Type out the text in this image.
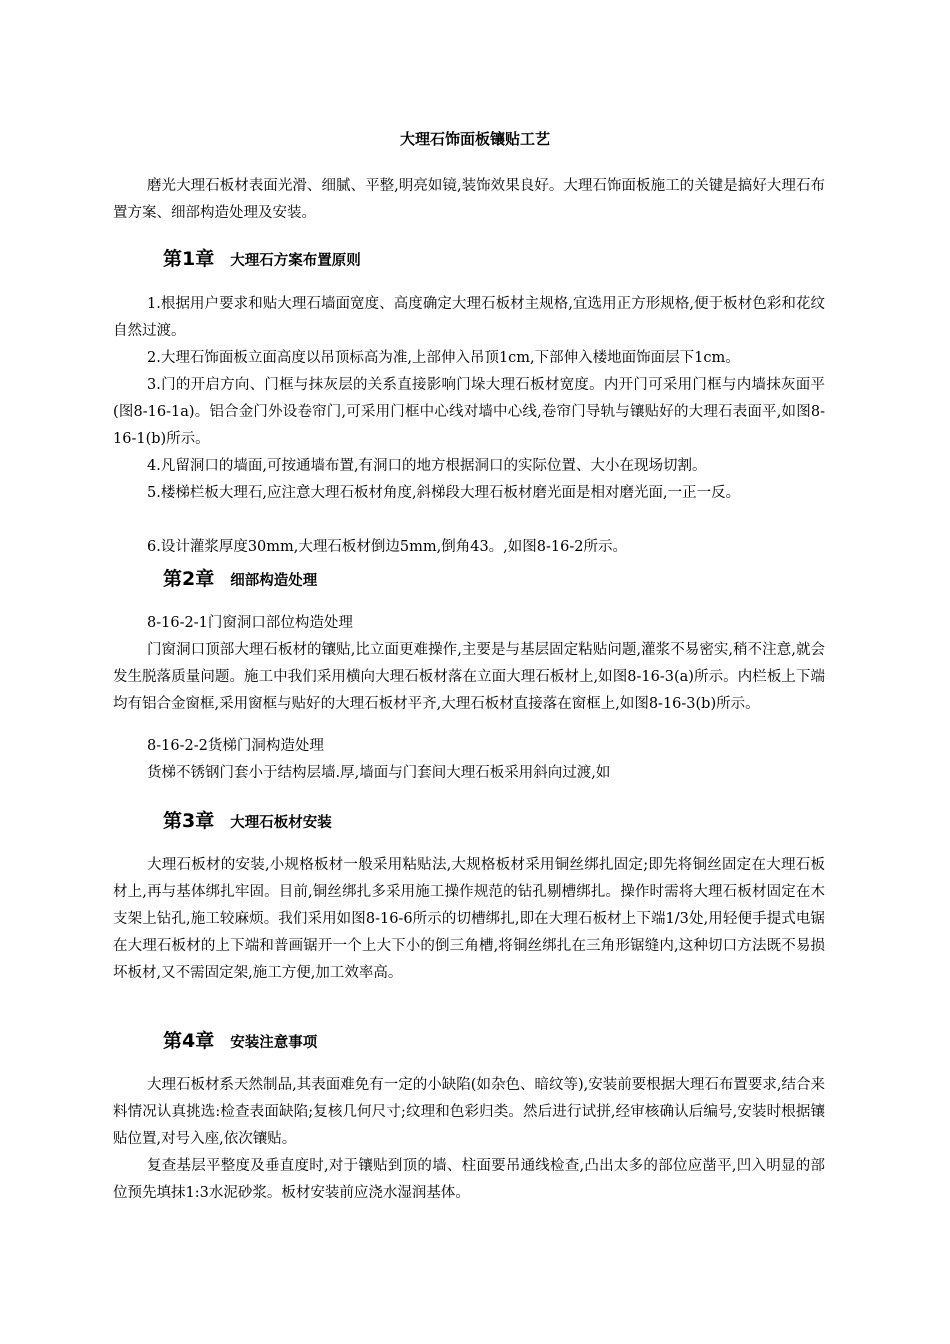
大理石饰面板镶贴工艺
磨光大理石板材表面光滑、细腻、平整,明亮如镜,装饰效果良好。大理石饰面板施工的关键是搞好大理石布置方案、细部构造处理及安装。
第1章 大理石方案布置原则
1.根据用户要求和贴大理石墙面宽度、高度确定大理石板材主规格,宜选用正方形规格,便于板材色彩和花纹自然过渡。
2.大理石饰面板立面高度以吊顶标高为准,上部伸入吊顶1cm,下部伸入楼地面饰面层下1cm。
3.门的开启方向、门框与抹灰层的关系直接影响门垛大理石板材宽度。内开门可采用门框与内墙抹灰面平(图8-16-1a)。铝合金门外设卷帘门,可采用门框中心线对墙中心线,卷帘门导轨与镶贴好的大理石表面平,如图8-16-1(b)所示。
4.凡留洞口的墙面,可按通墙布置,有洞口的地方根据洞口的实际位置、大小在现场切割。
5.楼梯栏板大理石,应注意大理石板材角度,斜梯段大理石板材磨光面是相对磨光面,一正一反。
6.设计灌浆厚度30mm,大理石板材倒边5mm,倒角43。,如图8-16-2所示。
第2章 细部构造处理
8-16-2-1门窗洞口部位构造处理
门窗洞口顶部大理石板材的镶贴,比立面更难操作,主要是与基层固定粘贴问题,灌浆不易密实,稍不注意,就会发生脱落质量问题。施工中我们采用横向大理石板材落在立面大理石板材上,如图8-16-3(a)所示。内栏板上下端均有铝合金窗框,采用窗框与贴好的大理石板材平齐,大理石板材直接落在窗框上,如图8-16-3(b)所示。
8-16-2-2货梯门洞构造处理
货梯不锈钢门套小于结构层墙.厚,墙面与门套间大理石板采用斜向过渡,如
第3章 大理石板材安装
大理石板材的安装,小规格板材一般采用粘贴法,大规格板材采用铜丝绑扎固定;即先将铜丝固定在大理石板材上,再与基体绑扎牢固。目前,铜丝绑扎多采用施工操作规范的钻孔剔槽绑扎。操作时需将大理石板材固定在木支架上钻孔,施工较麻烦。我们采用如图8-16-6所示的切槽绑扎,即在大理石板材上下端1/3处,用轻便手提式电锯在大理石板材的上下端和普画锯开一个上大下小的倒三角槽,将铜丝绑扎在三角形锯缝内,这种切口方法既不易损坏板材,又不需固定架,施工方便,加工效率高。
第4章 安装注意事项
大理石板材系天然制品,其表面难免有一定的小缺陷(如杂色、暗纹等),安装前要根据大理石布置要求,结合来料情况认真挑选:检查表面缺陷;复核几何尺寸;纹理和色彩归类。然后进行试拼,经审核确认后编号,安装时根据镶贴位置,对号入座,依次镶贴。
复查基层平整度及垂直度时,对于镶贴到顶的墙、柱面要吊通线检查,凸出太多的部位应凿平,凹入明显的部位预先填抹1:3水泥砂浆。板材安装前应浇水湿润基体。
